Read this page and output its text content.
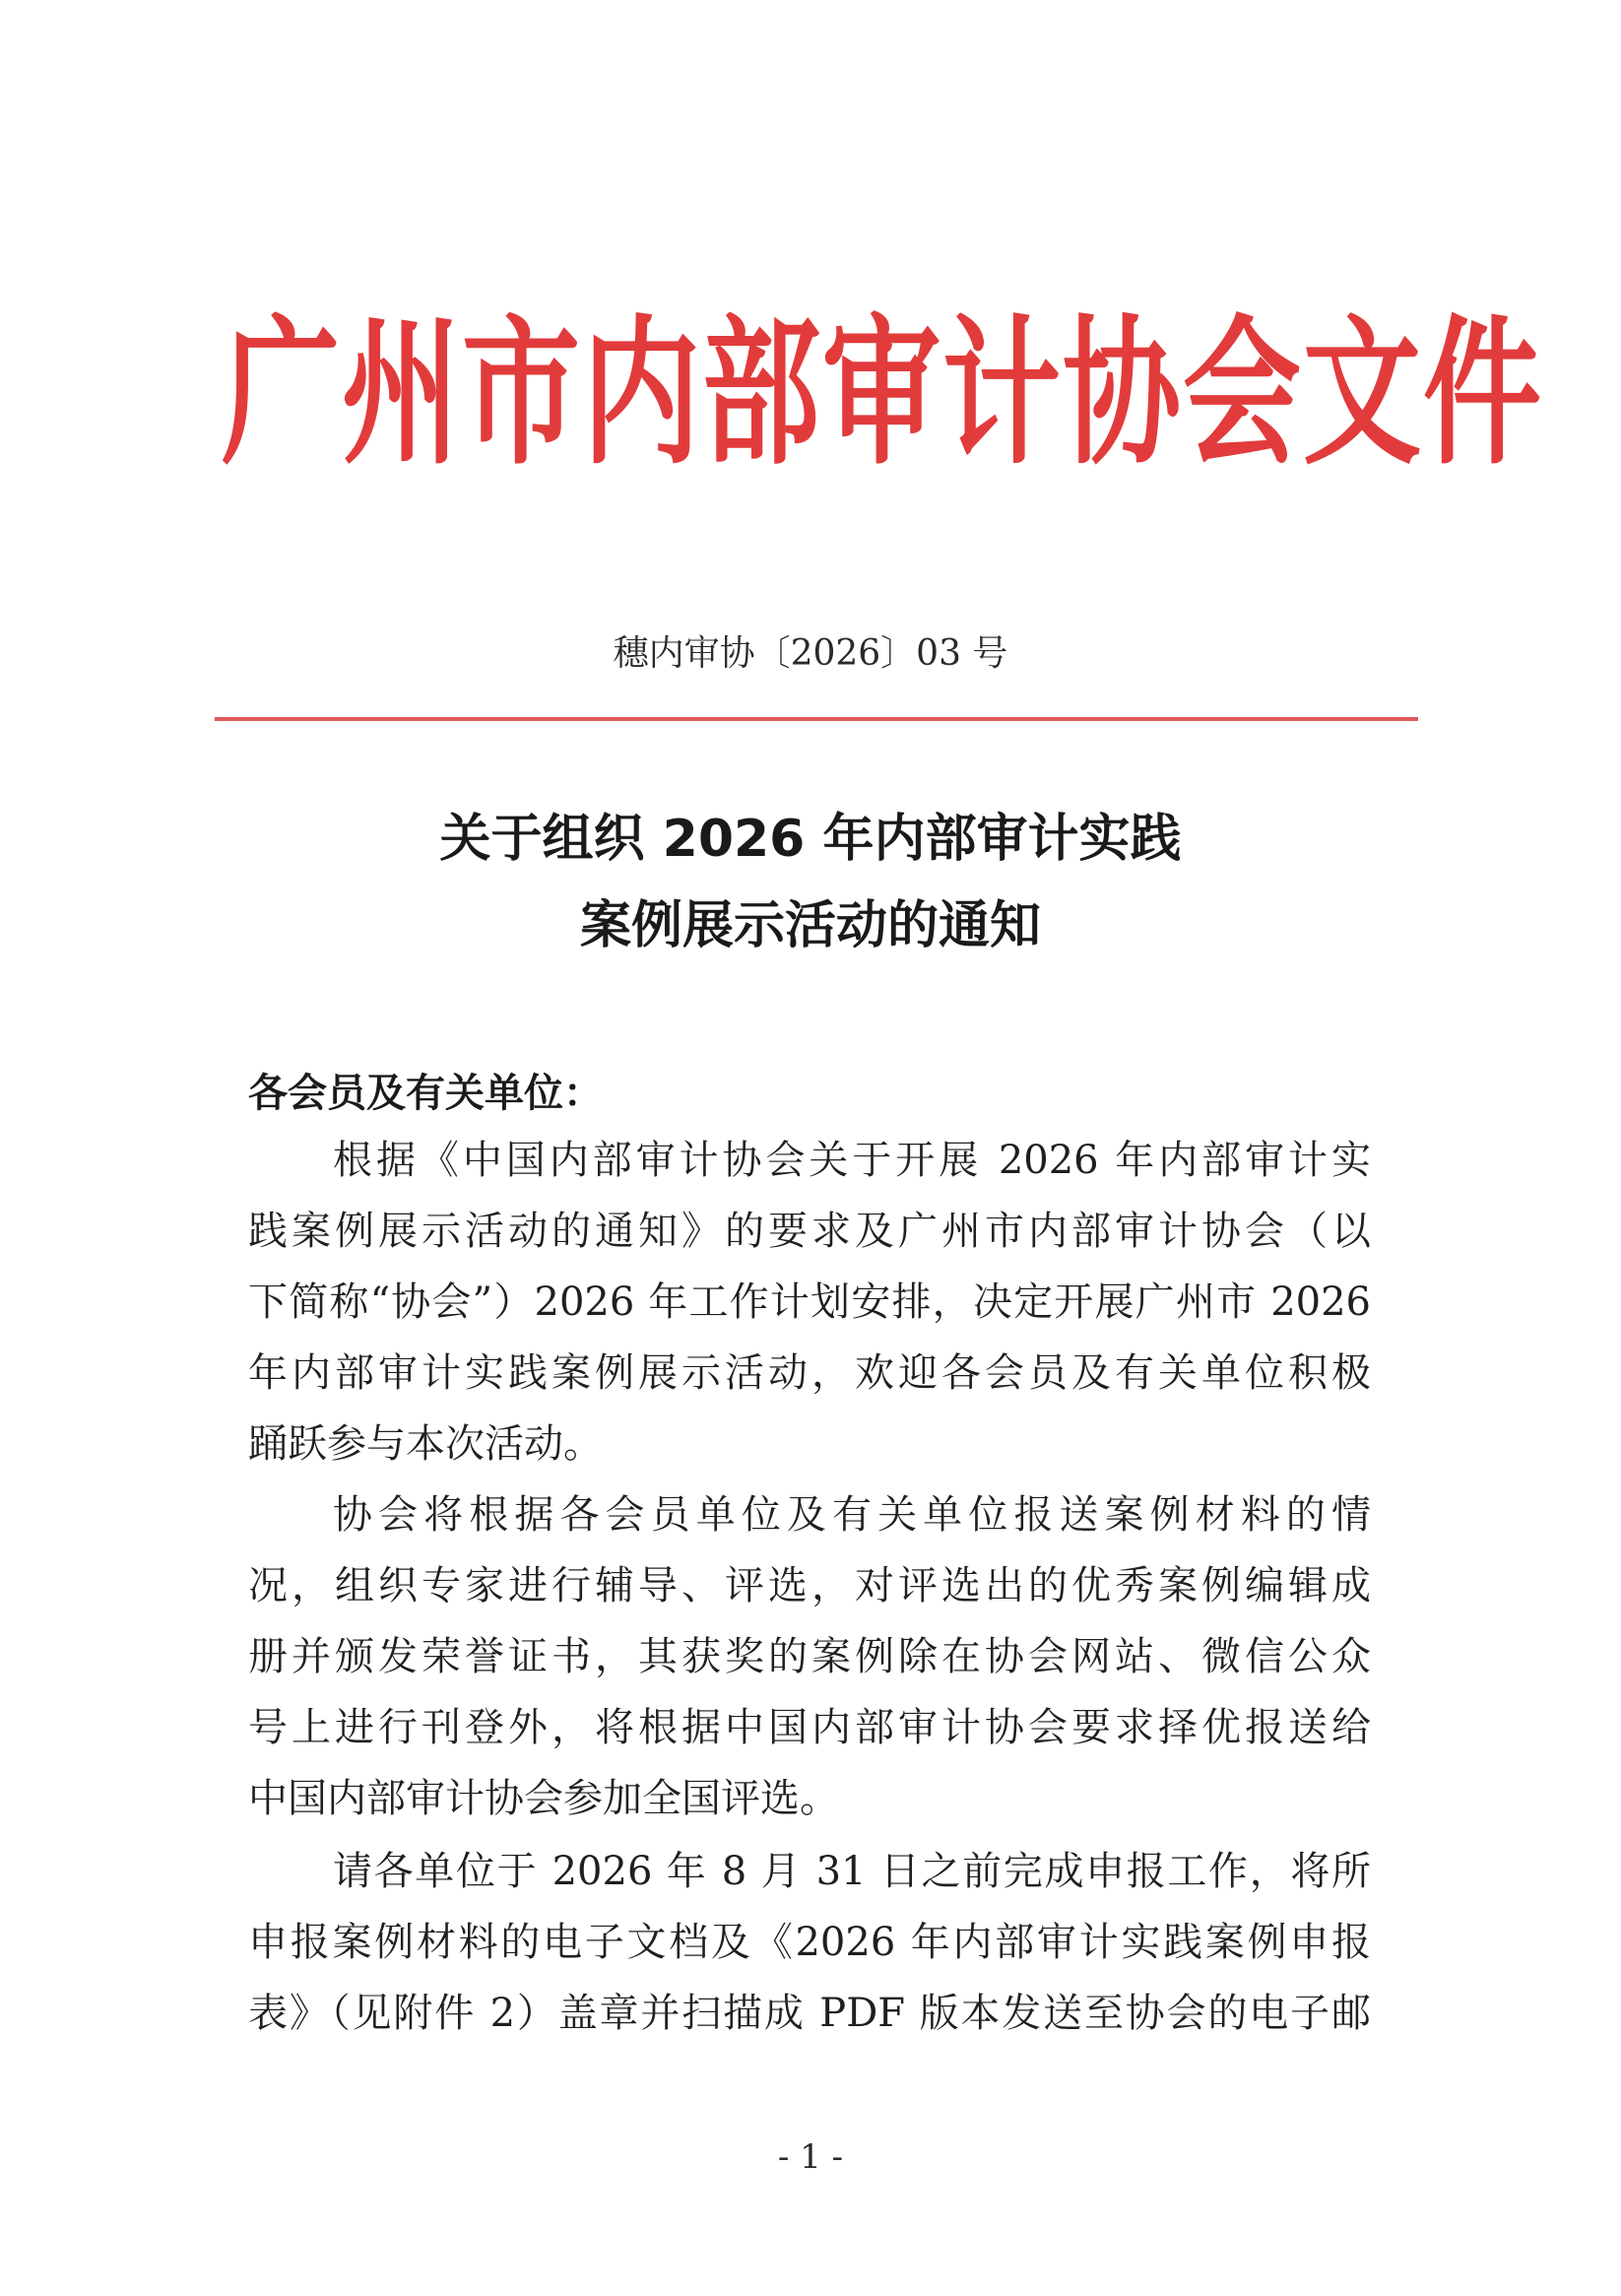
广州市内部审计协会文件
穗内审协〔2026〕03 号
关于组织 2026 年内部审计实践
案例展示活动的通知
各会员及有关单位：
根据《中国内部审计协会关于开展 2026 年内部审计实
践案例展示活动的通知》的要求及广州市内部审计协会（以
下简称“协会”）2026 年工作计划安排，决定开展广州市 2026
年内部审计实践案例展示活动，欢迎各会员及有关单位积极
踊跃参与本次活动。
协会将根据各会员单位及有关单位报送案例材料的情
况，组织专家进行辅导、评选，对评选出的优秀案例编辑成
册并颁发荣誉证书，其获奖的案例除在协会网站、微信公众
号上进行刊登外，将根据中国内部审计协会要求择优报送给
中国内部审计协会参加全国评选。
请各单位于 2026 年 8 月 31 日之前完成申报工作，将所
申报案例材料的电子文档及《2026 年内部审计实践案例申报
表》（见附件 2）盖章并扫描成 PDF 版本发送至协会的电子邮
- 1 -
